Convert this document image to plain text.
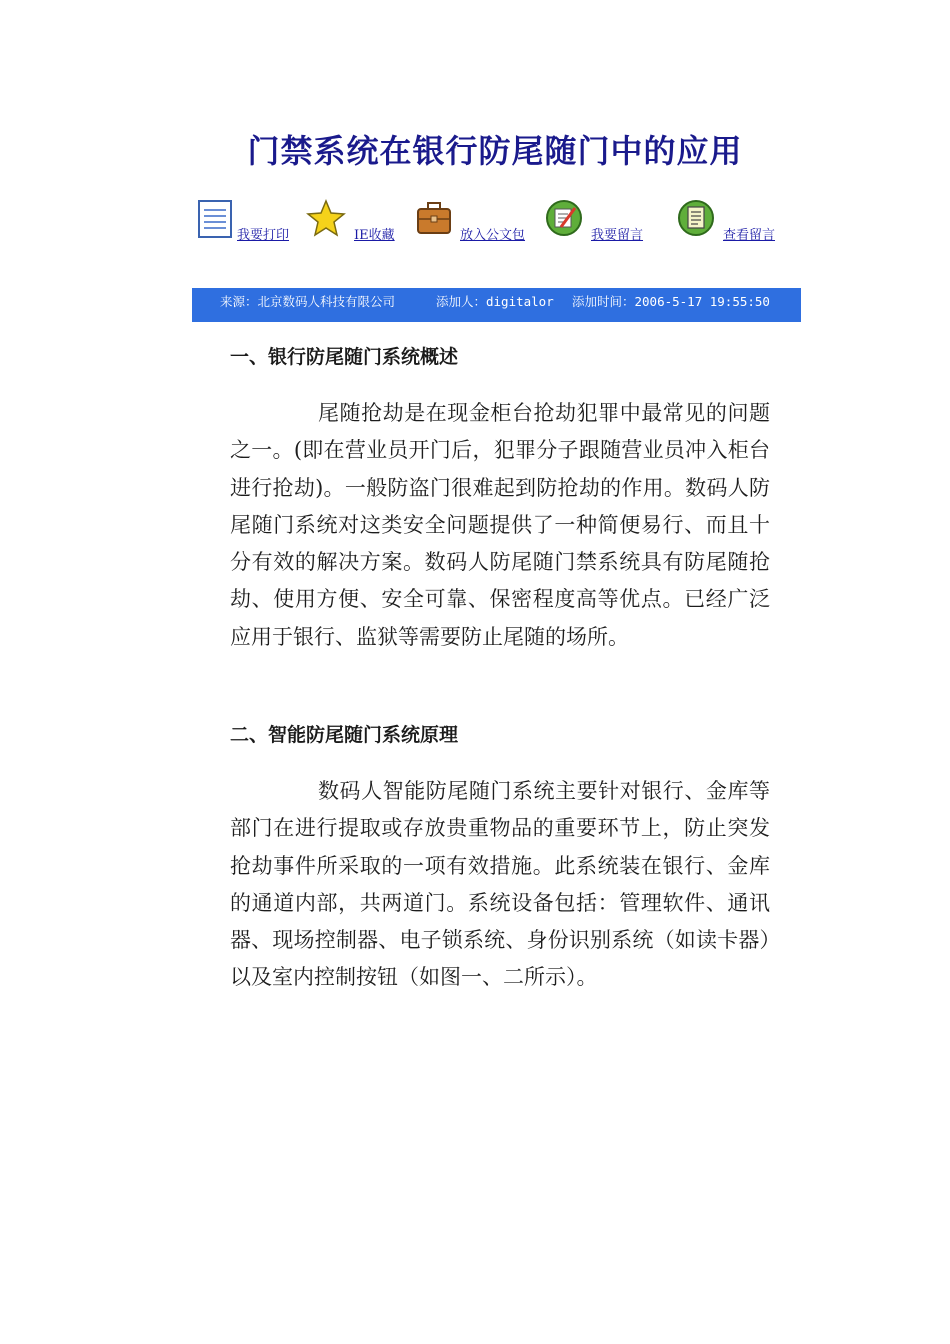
门禁系统在银行防尾随门中的应用
我要打印	IE收藏	放入公文包	我要留言	查看留言
来源：北京数码人科技有限公司	添加人：digitalor 添加时间：2006-5-17 19:55:50
一、银行防尾随门系统概述
尾随抢劫是在现金柜台抢劫犯罪中最常见的问题之一。(即在营业员开门后，犯罪分子跟随营业员冲入柜台进行抢劫)。一般防盗门很难起到防抢劫的作用。数码人防尾随门系统对这类安全问题提供了一种简便易行、而且十分有效的解决方案。数码人防尾随门禁系统具有防尾随抢劫、使用方便、安全可靠、保密程度高等优点。已经广泛应用于银行、监狱等需要防止尾随的场所。
二、智能防尾随门系统原理
数码人智能防尾随门系统主要针对银行、金库等部门在进行提取或存放贵重物品的重要环节上，防止突发抢劫事件所采取的一项有效措施。此系统装在银行、金库的通道内部，共两道门。系统设备包括：管理软件、通讯器、现场控制器、电子锁系统、身份识别系统（如读卡器）以及室内控制按钮（如图一、二所示）。
